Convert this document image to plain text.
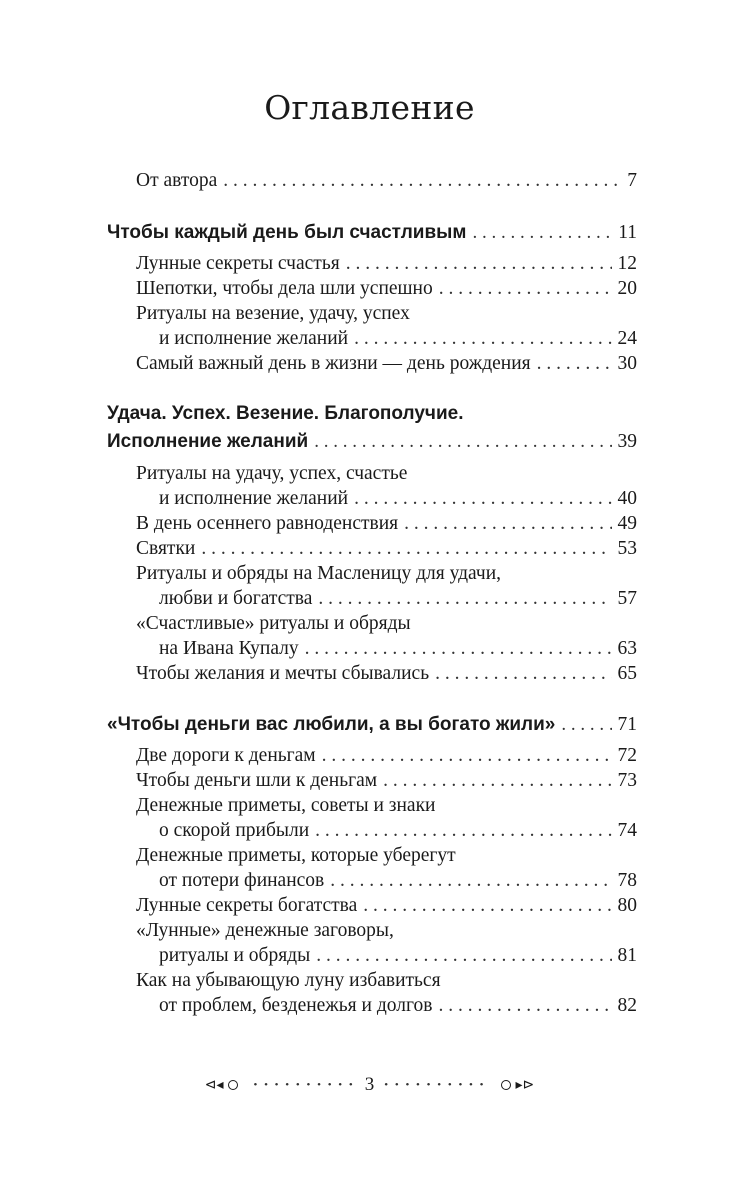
Оглавление
От автора . . .	7
Чтобы каждый день был счастливым . . .	11
Лунные секреты счастья . . .	12
Шепотки, чтобы дела шли успешно . . .	20
Ритуалы на везение, удачу, успех
и исполнение желаний . . .	24
Самый важный день в жизни — день рождения . . .	30
Удача. Успех. Везение. Благополучие.
Исполнение желаний . . .	39
Ритуалы на удачу, успех, счастье
и исполнение желаний . . .	40
В день осеннего равноденствия . . .	49
Святки . . .	53
Ритуалы и обряды на Масленицу для удачи,
любви и богатства . . .	57
«Счастливые» ритуалы и обряды
на Ивана Купалу . . .	63
Чтобы желания и мечты сбывались . . .	65
«Чтобы деньги вас любили, а вы богато жили» . . .	71
Две дороги к деньгам . . .	72
Чтобы деньги шли к деньгам . . .	73
Денежные приметы, советы и знаки
о скорой прибыли . . .	74
Денежные приметы, которые уберегут
от потери финансов . . .	78
Лунные секреты богатства . . .	80
«Лунные» денежные заговоры,
ритуалы и обряды . . .	81
Как на убывающую луну избавиться
от проблем, безденежья и долгов . . .	82
⊲◂	• • • • • • • • • • 3 • • • • • • • • • • ▸⊳
